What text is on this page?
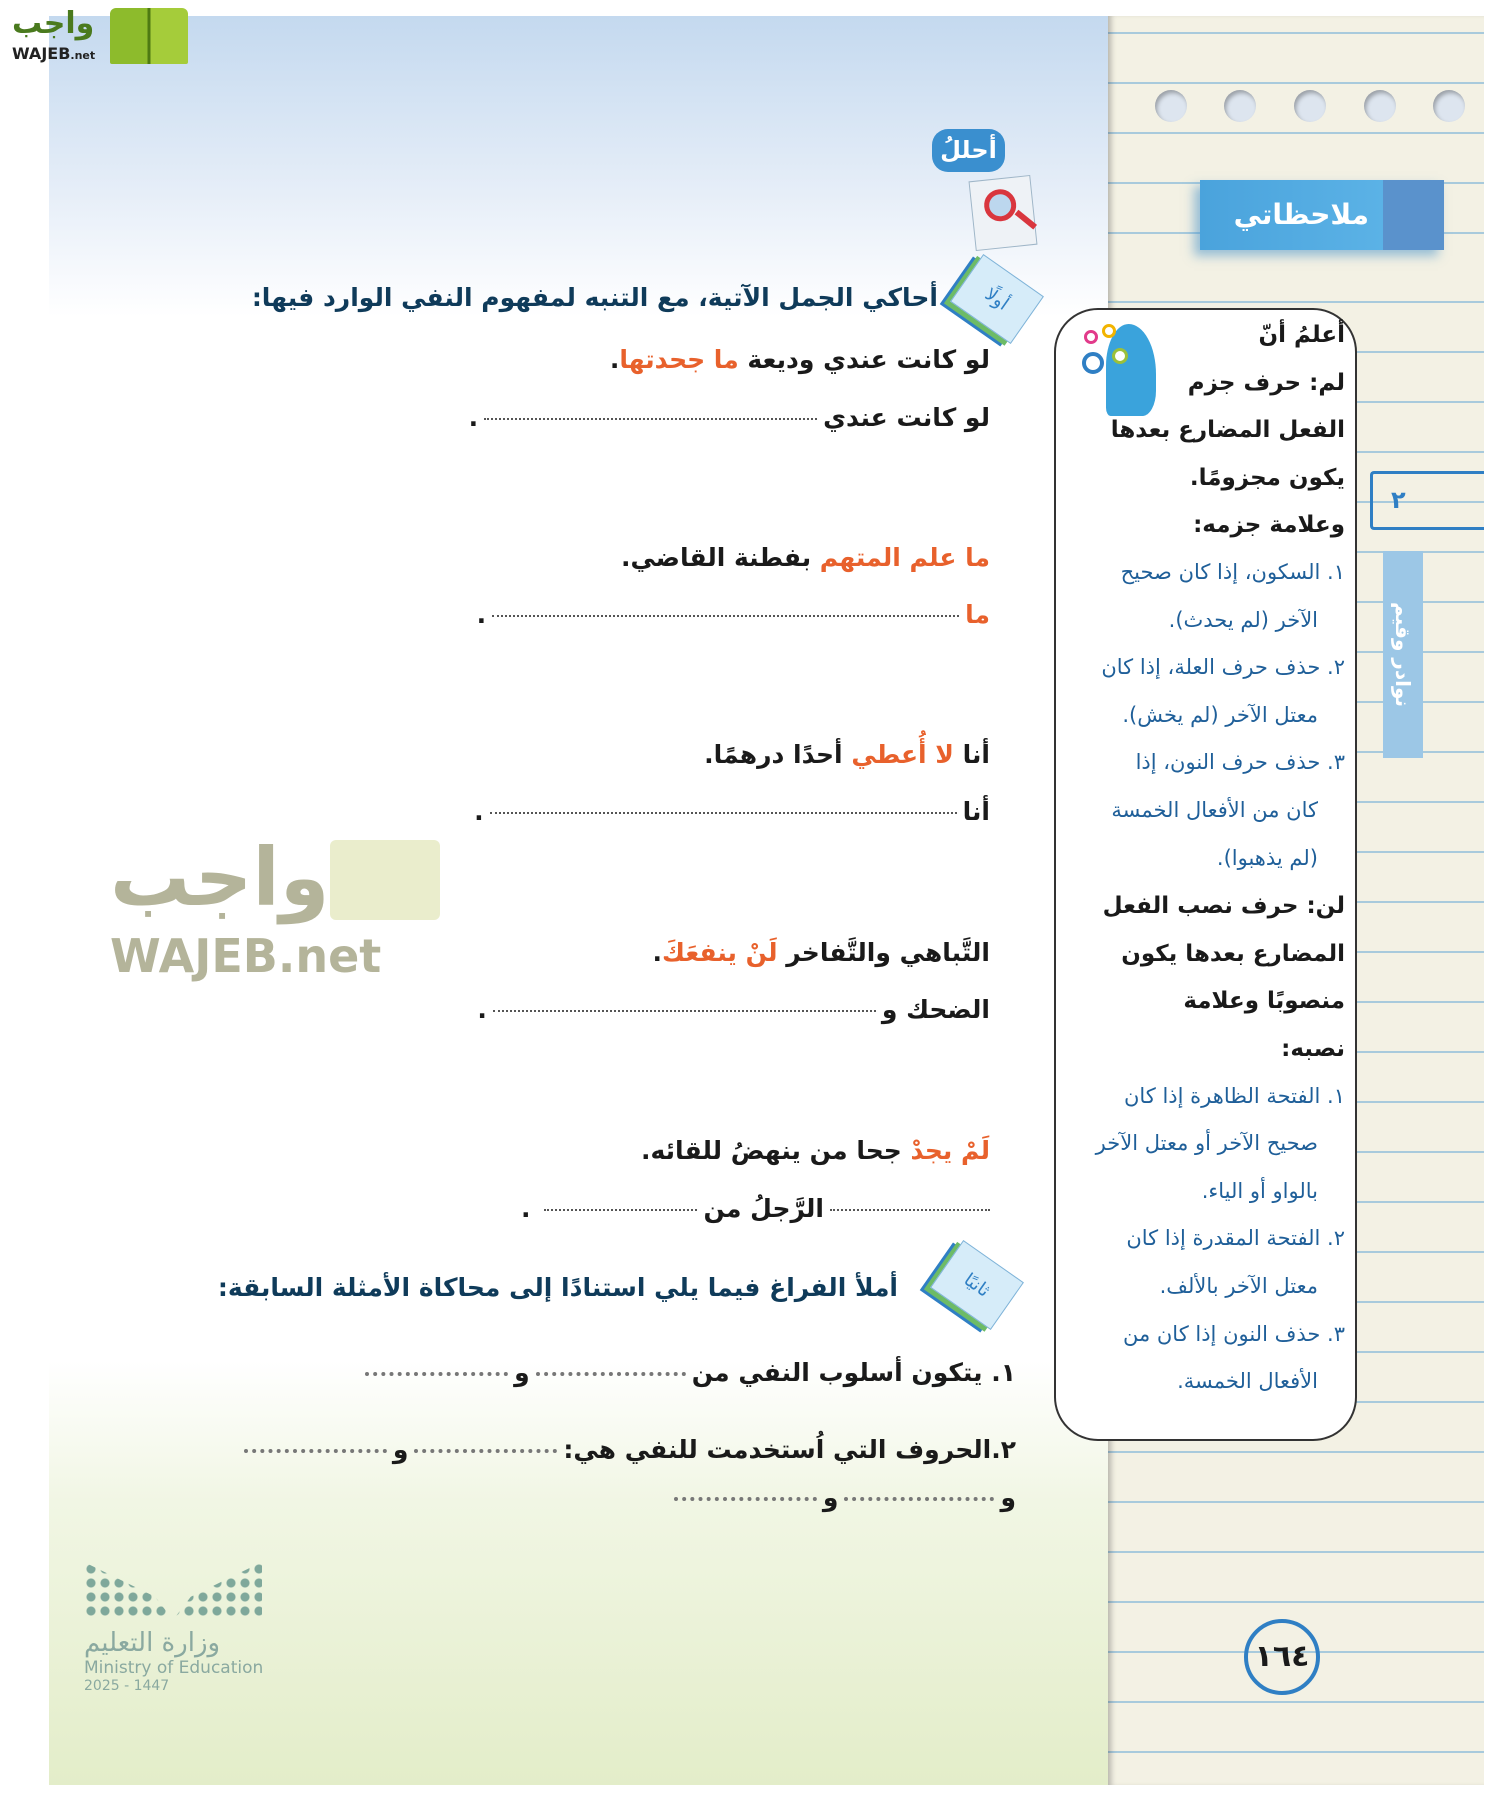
واجب
WAJEB.net
واجب
WAJEB.net
أحللُ
أولًا
أحاكي الجمل الآتية، مع التنبه لمفهوم النفي الوارد فيها:
لو كانت عندي وديعة ما جحدتها.
لو كانت عندي.
ما علم المتهم بفطنة القاضي.
ما.
أنا لا أُعطي أحدًا درهمًا.
أنا.
التَّباهي والتَّفاخر لَنْ ينفعَكَ.
الضحك و.
لَمْ يجدْ جحا من ينهضُ للقائه.
الرَّجلُ من.
ثانيًا
أملأ الفراغ فيما يلي استنادًا إلى محاكاة الأمثلة السابقة:
١. يتكون أسلوب النفي منو
٢.الحروف التي اُستخدمت للنفي هي:و
وو
وزارة التعليم
Ministry of Education
2025 - 1447
ملاحظاتي
٢
نوادر وقيم
أعلمُ أنّ
لم: حرف جزم
الفعل المضارع بعدها
يكون مجزومًا.
وعلامة جزمه:
١. السكون، إذا كان صحيح
الآخر (لم يحدث).
٢. حذف حرف العلة، إذا كان
معتل الآخر (لم يخش).
٣. حذف حرف النون، إذا
كان من الأفعال الخمسة
(لم يذهبوا).
لن: حرف نصب الفعل
المضارع بعدها يكون
منصوبًا وعلامة
نصبه:
١. الفتحة الظاهرة إذا كان
صحيح الآخر أو معتل الآخر
بالواو أو الياء.
٢. الفتحة المقدرة إذا كان
معتل الآخر بالألف.
٣. حذف النون إذا كان من
الأفعال الخمسة.
١٦٤
